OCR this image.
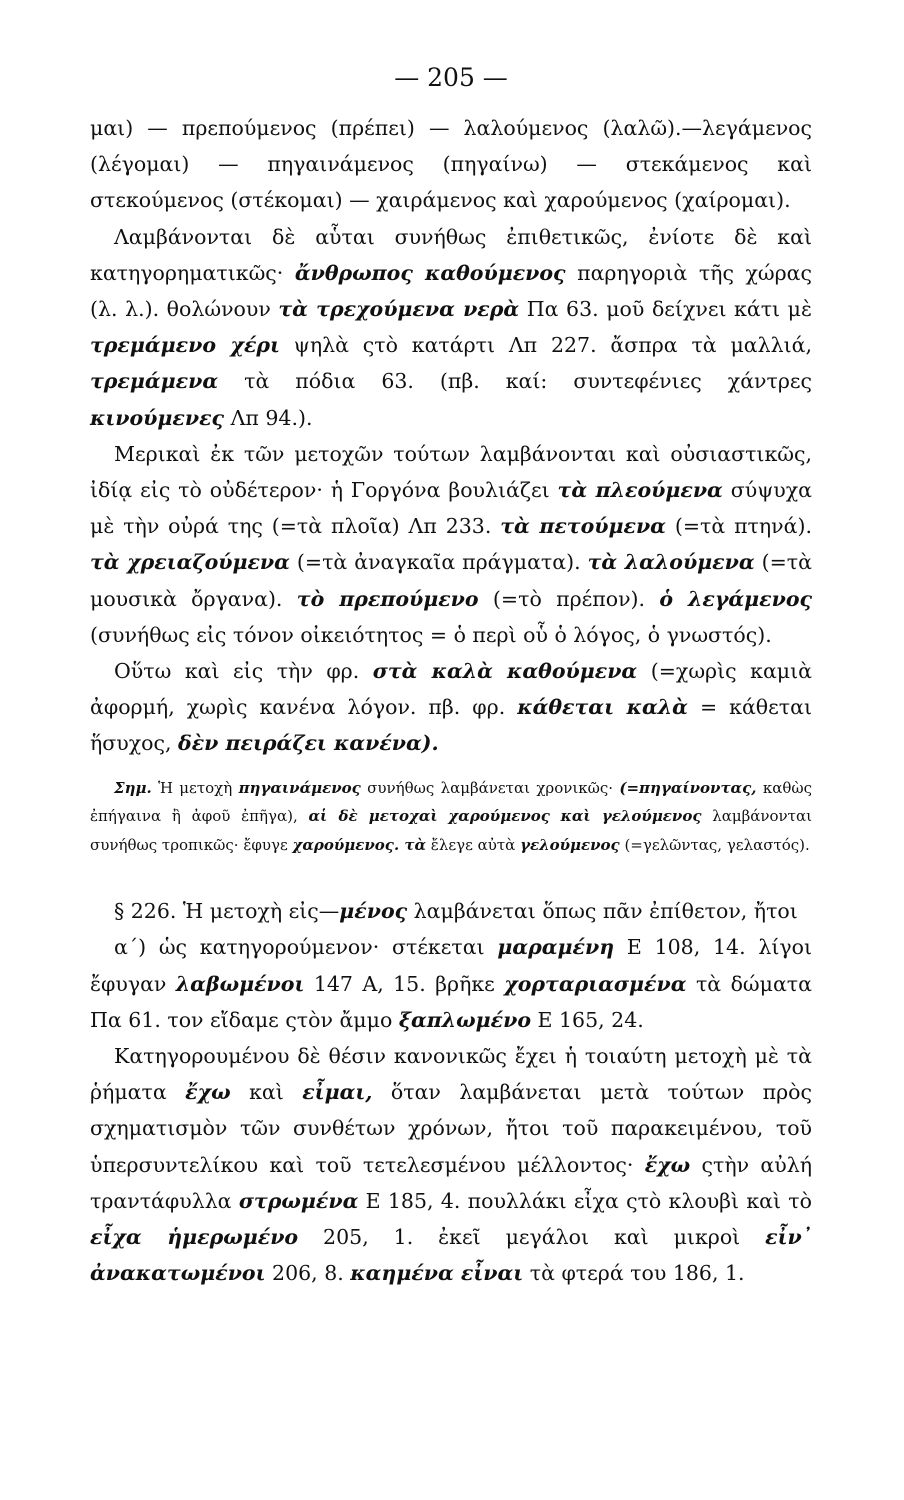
— 205 —

μαι) — πρεπούμενος (πρέπει) — λαλούμενος (λαλῶ).—λεγάμενος (λέγομαι) — πηγαινάμενος (πηγαίνω) — στεκάμενος καὶ στεκούμενος (στέκομαι) — χαιράμενος καὶ χαρούμενος (χαίρομαι).

Λαμβάνονται δὲ αὗται συνήθως ἐπιθετικῶς, ἐνίοτε δὲ καὶ κατηγορηματικῶς· ἄνθρωπος καθούμενος παρηγοριὰ τῆς χώρας (λ. λ.). θολώνουν τὰ τρεχούμενα νερὰ Πα 63. μοῦ δείχνει κάτι μὲ τρεμάμενο χέρι ψηλὰ ςτὸ κατάρτι Λπ 227. ἄσπρα τὰ μαλλιά, τρεμάμενα τὰ πόδια 63. (πβ. καί: συντεφένιες χάντρες κινούμενες Λπ 94.).

Μερικαὶ ἐκ τῶν μετοχῶν τούτων λαμβάνονται καὶ οὐσιαστικῶς, ἰδίᾳ εἰς τὸ οὐδέτερον· ἡ Γοργόνα βουλιάζει τὰ πλεούμενα σύψυχα μὲ τὴν οὐρά της (=τὰ πλοῖα) Λπ 233. τὰ πετούμενα (=τὰ πτηνά). τὰ χρειαζούμενα (=τὰ ἀναγκαῖα πράγματα). τὰ λαλούμενα (=τὰ μουσικὰ ὄργανα). τὸ πρεπούμενο (=τὸ πρέπον). ὁ λεγάμενος (συνήθως εἰς τόνον οἰκειότητος = ὁ περὶ οὗ ὁ λόγος, ὁ γνωστός).

Οὕτω καὶ εἰς τὴν φρ. στὰ καλὰ καθούμενα (=χωρὶς καμιὰ ἀφορμή, χωρὶς κανένα λόγον. πβ. φρ. κάθεται καλὰ = κάθεται ἥσυχος, δὲν πειράζει κανένα).

Σημ. Ἡ μετοχὴ πηγαινάμενος συνήθως λαμβάνεται χρονικῶς· (=πηγαίνοντας, καθὼς ἐπήγαινα ἢ ἀφοῦ ἐπῆγα), αἱ δὲ μετοχαὶ χαρούμενος καὶ γελούμενος λαμβάνονται συνήθως τροπικῶς· ἔφυγε χαρούμενος. τὰ ἔλεγε αὐτὰ γελούμενος (=γελῶντας, γελαστός).

§ 226. Ἡ μετοχὴ εἰς—μένος λαμβάνεται ὅπως πᾶν ἐπίθετον, ἤτοι

α΄) ὡς κατηγορούμενον· στέκεται μαραμένη Ε 108, 14. λίγοι ἔφυγαν λαβωμένοι 147 Α, 15. βρῆκε χορταριασμένα τὰ δώματα Πα 61. τον εἴδαμε ςτὸν ἄμμο ξαπλωμένο Ε 165, 24.

Κατηγορουμένου δὲ θέσιν κανονικῶς ἔχει ἡ τοιαύτη μετοχὴ μὲ τὰ ῥήματα ἔχω καὶ εἶμαι, ὅταν λαμβάνεται μετὰ τούτων πρὸς σχηματισμὸν τῶν συνθέτων χρόνων, ἤτοι τοῦ παρακειμένου, τοῦ ὑπερσυντελίκου καὶ τοῦ τετελεσμένου μέλλοντος· ἔχω ςτὴν αὐλή τραντάφυλλα στρωμένα Ε 185, 4. πουλλάκι εἶχα ςτὸ κλουβὶ καὶ τὸ εἶχα ἡμερωμένο 205, 1. ἐκεῖ μεγάλοι καὶ μικροὶ εἶν᾽ ἀνακατωμένοι 206, 8. καημένα εἶναι τὰ φτερά του 186, 1.
